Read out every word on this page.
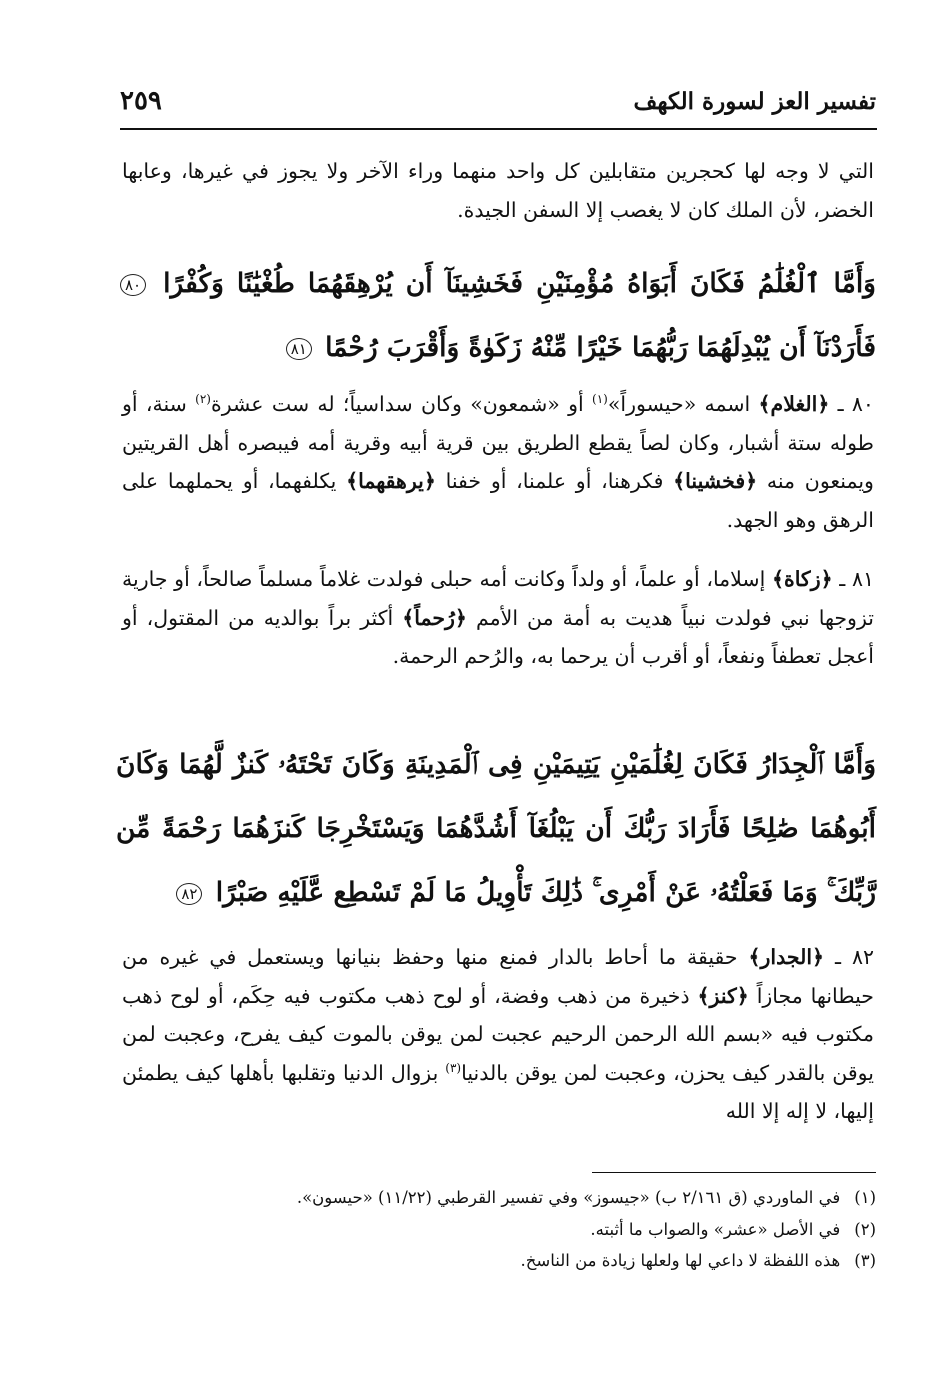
تفسير العز لسورة الكهف
٢٥٩
التي لا وجه لها كحجرين متقابلين كل واحد منهما وراء الآخر ولا يجوز في غيرها، وعابها الخضر، لأن الملك كان لا يغصب إلا السفن الجيدة.
وَأَمَّا ٱلْغُلَٰمُ فَكَانَ أَبَوَاهُ مُؤْمِنَيْنِ فَخَشِينَآ أَن يُرْهِقَهُمَا طُغْيَٰنًا وَكُفْرًا ٨٠ فَأَرَدْنَآ أَن يُبْدِلَهُمَا رَبُّهُمَا خَيْرًا مِّنْهُ زَكَوٰةً وَأَقْرَبَ رُحْمًا ٨١
٨٠ ـ ﴿الغلام﴾ اسمه «حيسوراً»$^{(١)}$ أو «شمعون» وكان سداسياً؛ له ست عشرة$^{(٢)}$ سنة، أو طوله ستة أشبار، وكان لصاً يقطع الطريق بين قرية أبيه وقرية أمه فيبصره أهل القريتين ويمنعون منه ﴿فخشينا﴾ فكرهنا، أو علمنا، أو خفنا ﴿يرهقهما﴾ يكلفهما، أو يحملهما على الرهق وهو الجهد.
٨١ ـ ﴿زكاة﴾ إسلاما، أو علماً، أو ولداً وكانت أمه حبلى فولدت غلاماً مسلماً صالحاً، أو جارية تزوجها نبي فولدت نبياً هديت به أمة من الأمم ﴿رُحماً﴾ أكثر براً بوالديه من المقتول، أو أعجل تعطفاً ونفعاً، أو أقرب أن يرحما به، والرُحم الرحمة.
وَأَمَّا ٱلْجِدَارُ فَكَانَ لِغُلَٰمَيْنِ يَتِيمَيْنِ فِى ٱلْمَدِينَةِ وَكَانَ تَحْتَهُۥ كَنزٌ لَّهُمَا وَكَانَ أَبُوهُمَا صَٰلِحًا فَأَرَادَ رَبُّكَ أَن يَبْلُغَآ أَشُدَّهُمَا وَيَسْتَخْرِجَا كَنزَهُمَا رَحْمَةً مِّن رَّبِّكَ ۚ وَمَا فَعَلْتُهُۥ عَنْ أَمْرِى ۚ ذَٰلِكَ تَأْوِيلُ مَا لَمْ تَسْطِع عَّلَيْهِ صَبْرًا ٨٢
٨٢ ـ ﴿الجدار﴾ حقيقة ما أحاط بالدار فمنع منها وحفظ بنيانها ويستعمل في غيره من حيطانها مجازاً ﴿كنز﴾ ذخيرة من ذهب وفضة، أو لوح ذهب مكتوب فيه حِكَم، أو لوح ذهب مكتوب فيه «بسم الله الرحمن الرحيم عجبت لمن يوقن بالموت كيف يفرح، وعجبت لمن يوقن بالقدر كيف يحزن، وعجبت لمن يوقن بالدنيا$^{(٣)}$ بزوال الدنيا وتقلبها بأهلها كيف يطمئن إليها، لا إله إلا الله
(١)في الماوردي (ق ٢/١٦١ ب) «جيسوز» وفي تفسير القرطبي (١١/٢٢) «حيسون».
(٢)في الأصل «عشر» والصواب ما أثبته.
(٣)هذه اللفظة لا داعي لها ولعلها زيادة من الناسخ.
